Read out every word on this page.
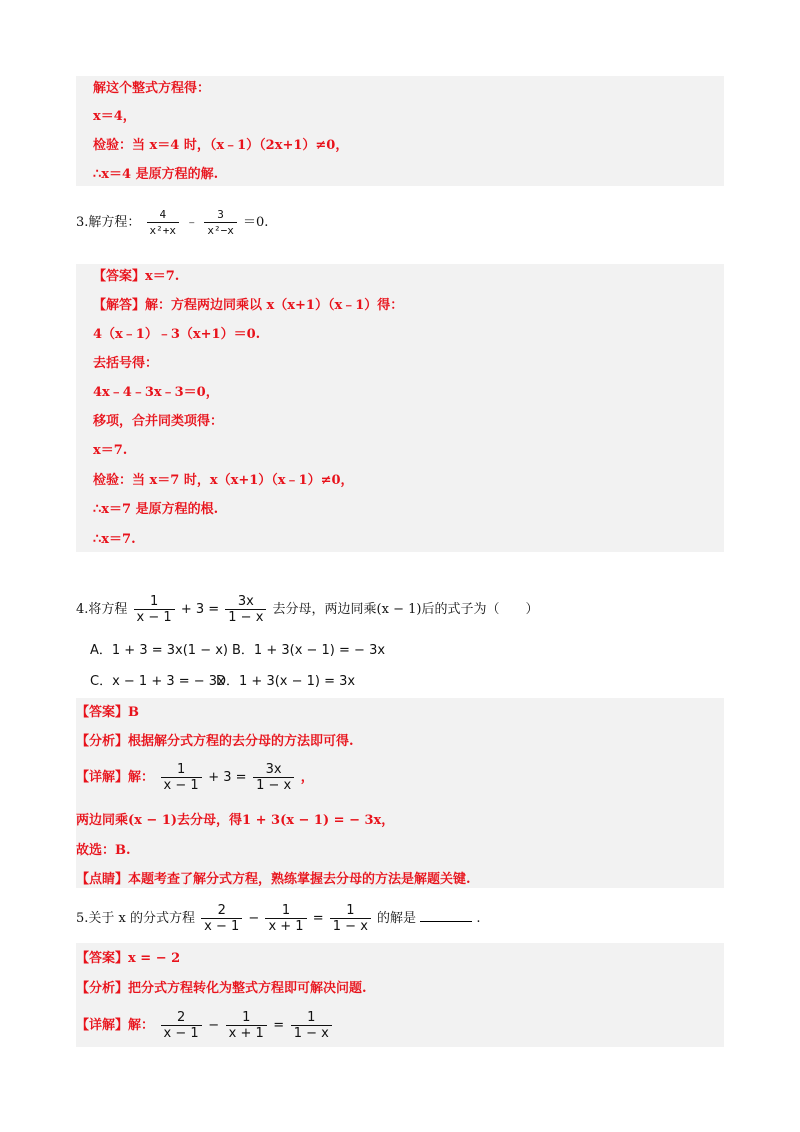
解这个整式方程得：
x＝4，
检验：当 x＝4 时，（x﹣1）（2x+1）≠0，
∴x＝4 是原方程的解.
3.解方程： $\frac{4}{\text{x²+x}}$ ﹣ $\frac{3}{\text{x²−x}} =0$.
【答案】x＝7.
【解答】解：方程两边同乘以 x（x+1）（x﹣1）得：
4（x﹣1）﹣3（x+1）＝0.
去括号得：
4x﹣4﹣3x﹣3＝0，
移项，合并同类项得：
x＝7.
检验：当 x＝7 时，x（x+1）（x﹣1）≠0，
∴x＝7 是原方程的根.
∴x＝7.
4.将方程 $\frac{1}{x - 1} + 3 = \frac{3x}{1 - x}$ 去分母，两边同乘(x − 1)后的式子为（　　）
A．1 + 3 = 3x(1 − x) B．1 + 3(x − 1) = − 3x
C．x − 1 + 3 = − 3x
D．1 + 3(x − 1) = 3x
【答案】B
【分析】根据解分式方程的去分母的方法即可得.
【详解】解： $\frac{1}{x - 1} + 3 = \frac{3x}{1 - x}$ ，
两边同乘(x − 1)去分母，得1 + 3(x − 1) = − 3x，
故选：B.
【点睛】本题考查了解分式方程，熟练掌握去分母的方法是解题关键.
5.关于 x 的分式方程 $\frac{2}{x - 1} - \frac{1}{x + 1} = \frac{1}{1 - x}$ 的解是	.
【答案】x = − 2
【分析】把分式方程转化为整式方程即可解决问题.
【详解】解： $\frac{2}{x - 1} - \frac{1}{x + 1} = \frac{1}{1 - x}$
